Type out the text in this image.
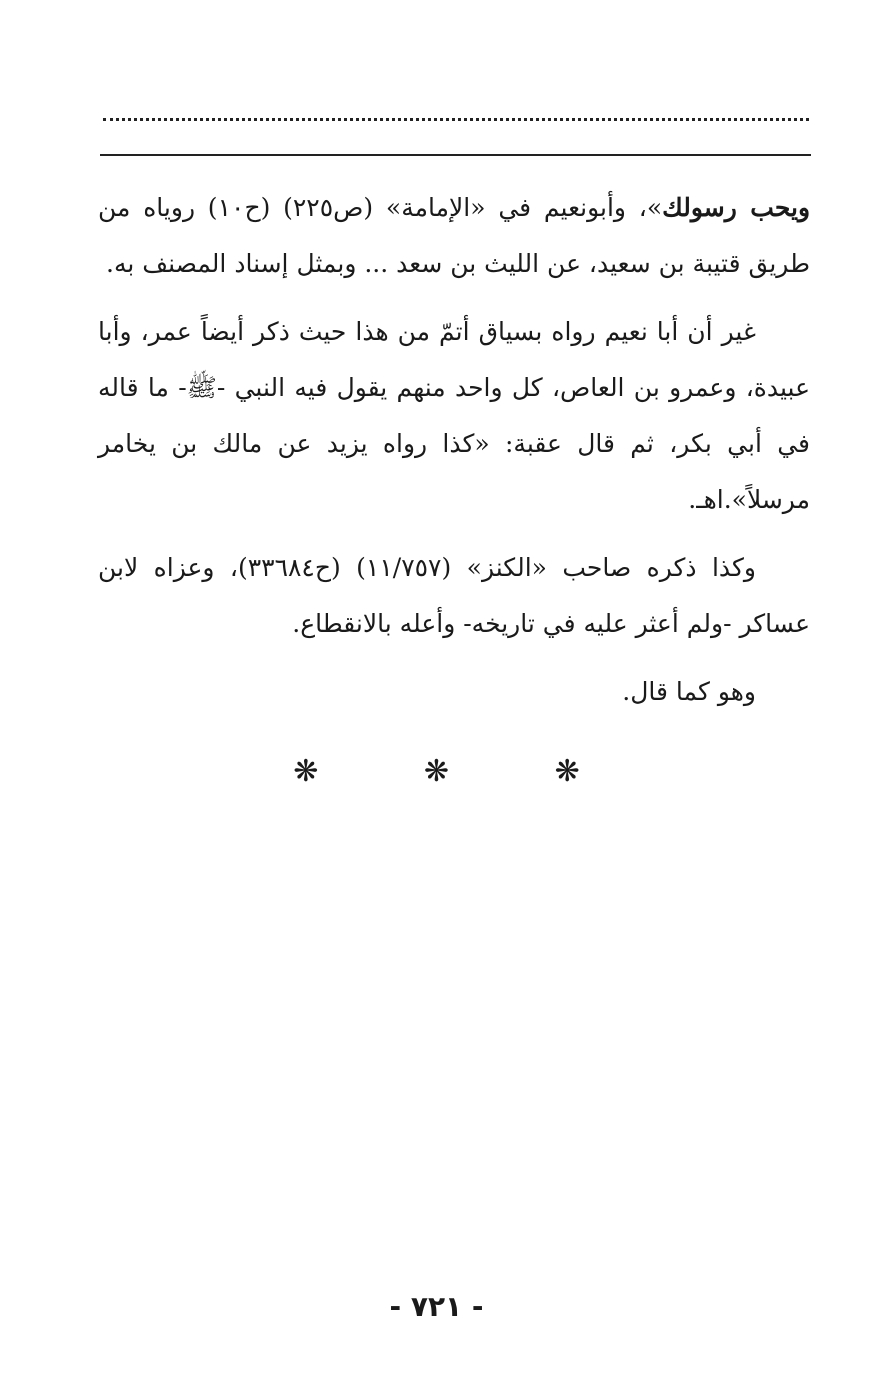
ويحب رسولك»، وأبونعيم في «الإمامة» (ص٢٢٥) (ح١٠) روياه من طريق قتيبة بن سعيد، عن الليث بن سعد ... وبمثل إسناد المصنف به.

غير أن أبا نعيم رواه بسياق أتمّ من هذا حيث ذكر أيضاً عمر، وأبا عبيدة، وعمرو بن العاص، كل واحد منهم يقول فيه النبي -ﷺ- ما قاله في أبي بكر، ثم قال عقبة: «كذا رواه يزيد عن مالك بن يخامر مرسلاً».اهـ.

وكذا ذكره صاحب «الكنز» (١١/٧٥٧) (ح٣٣٦٨٤)، وعزاه لابن عساكر -ولم أعثر عليه في تاريخه- وأعله بالانقطاع.

وهو كما قال.

❋ ❋ ❋
- ٧٢١ -
